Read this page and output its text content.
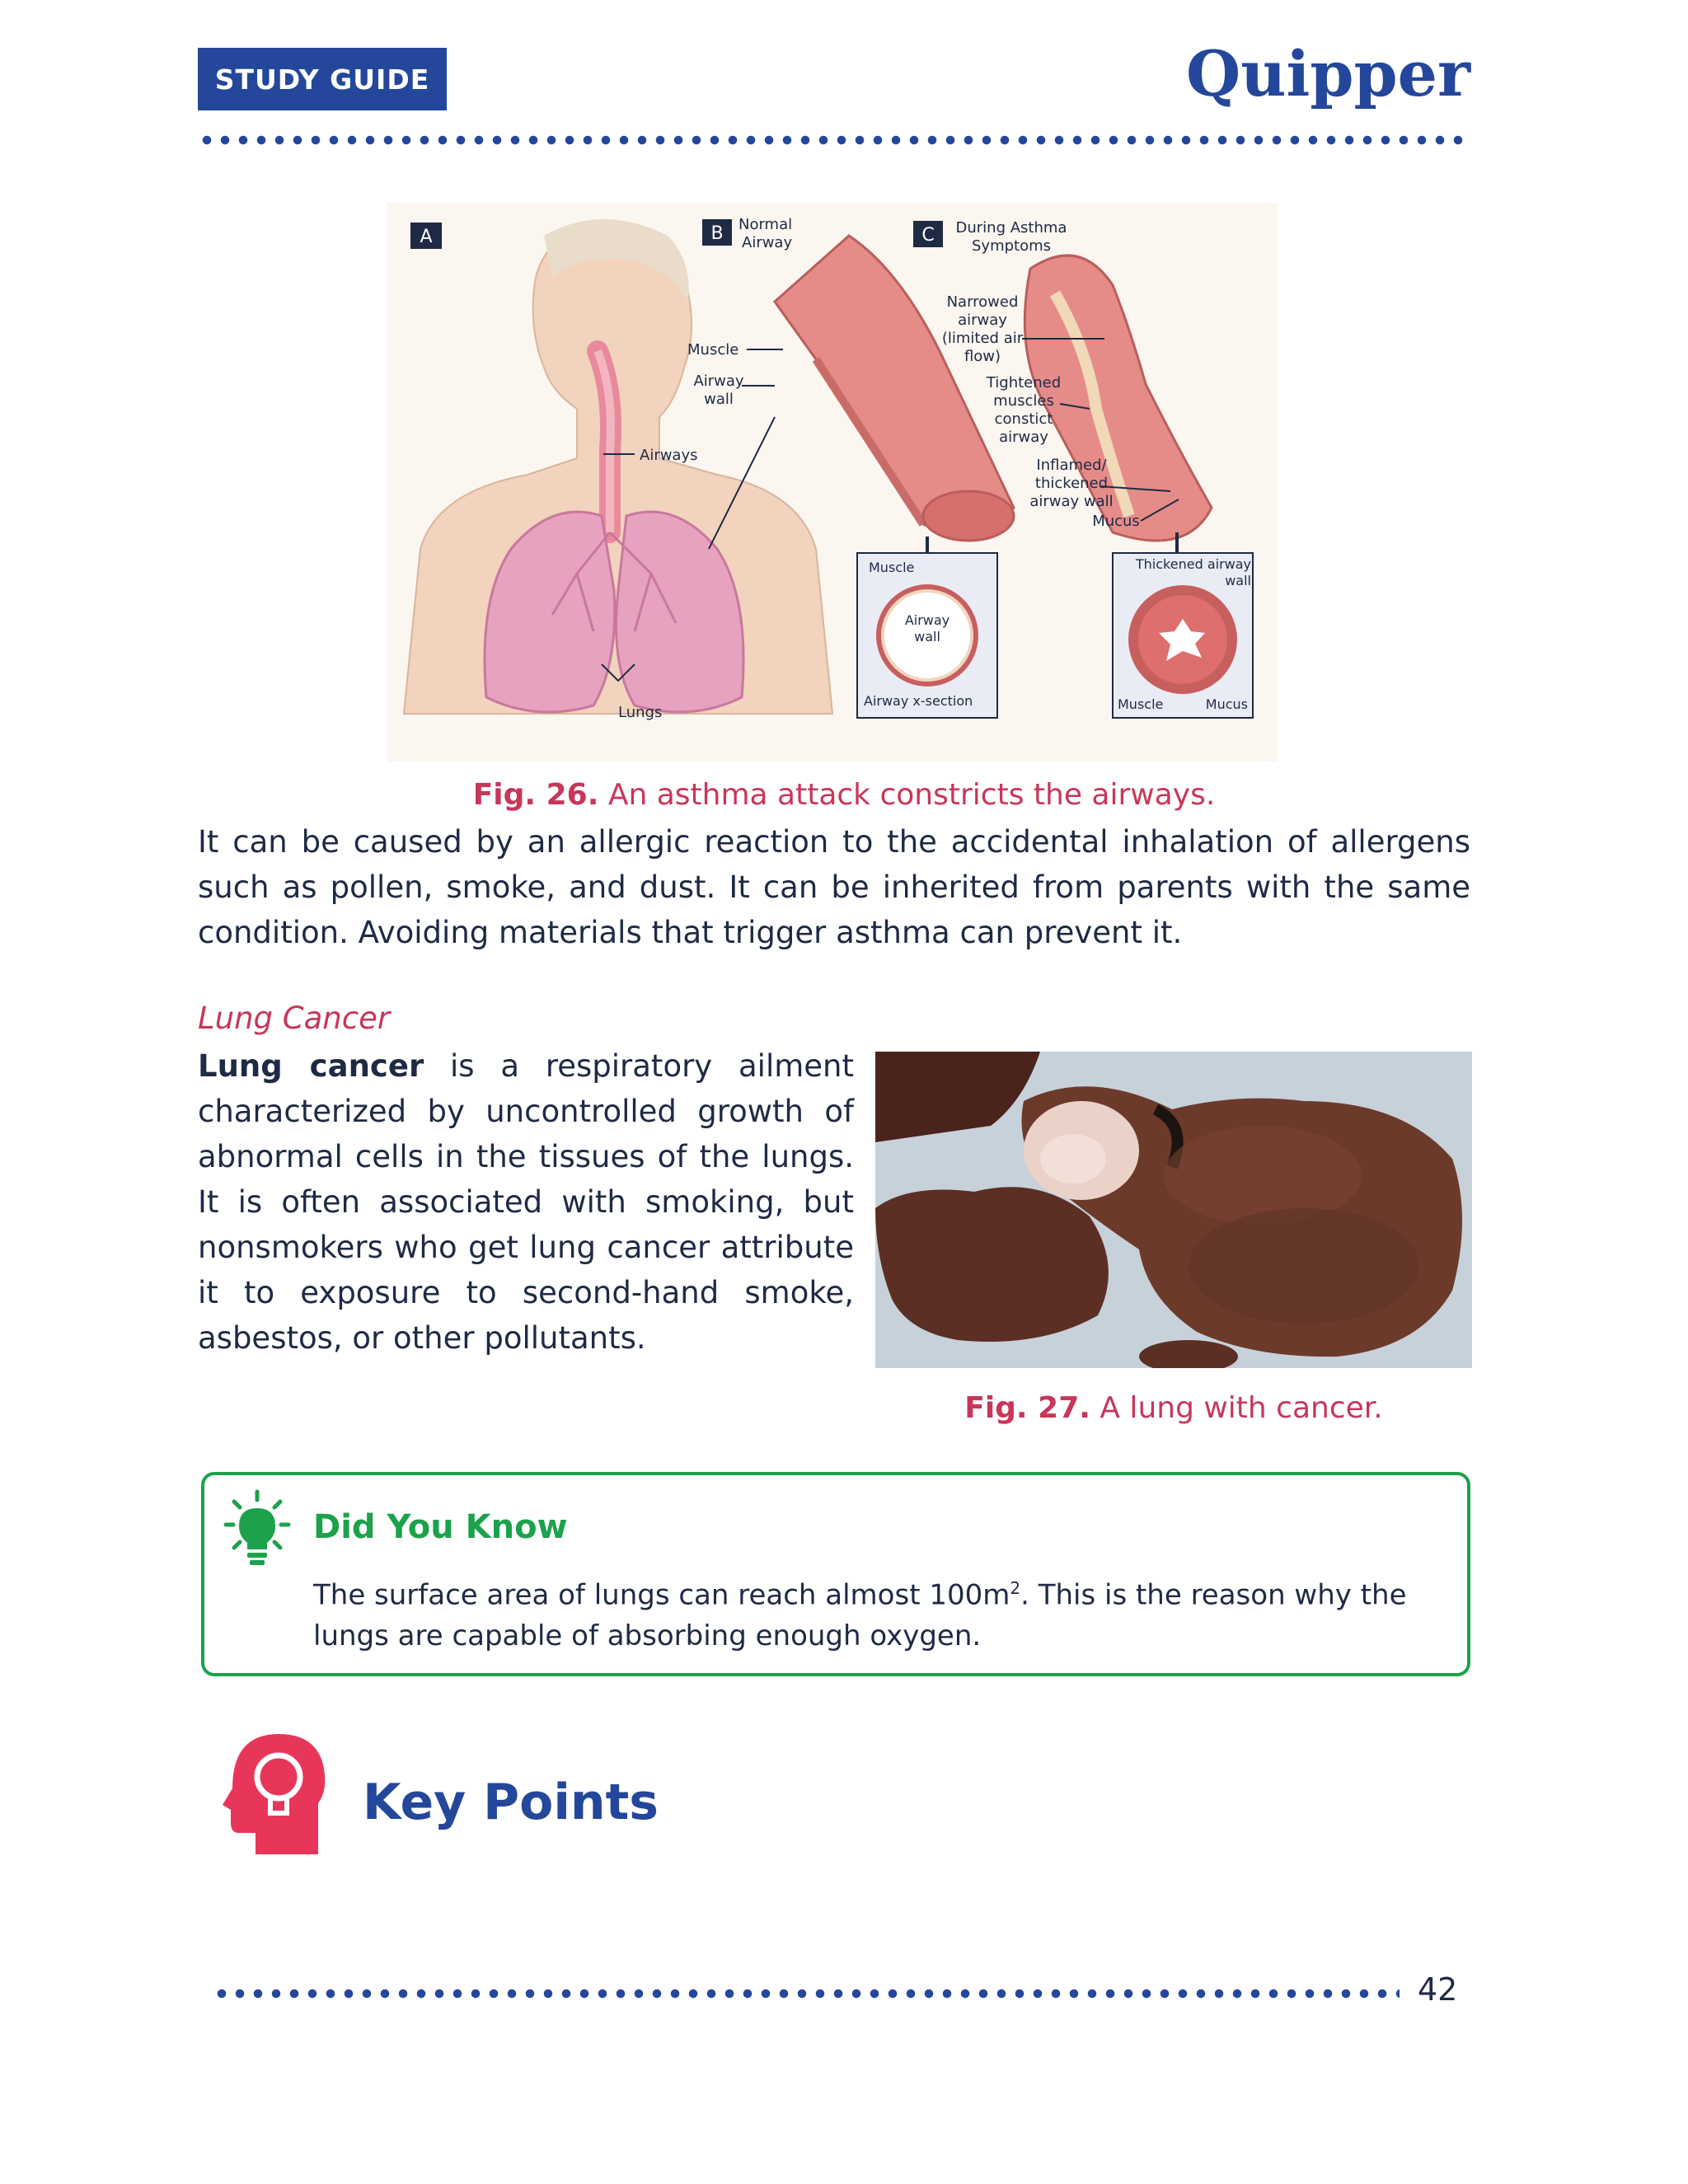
STUDY GUIDE	Quipper
A	B Normal
Airway	C During Asthma
Symptoms
Muscle
Airway
wall
Airways
Lungs
Narrowed
airway
(limited air
flow)
Tightened
muscles
constict
airway
Inflamed/
thickened
airway wall
Mucus
Muscle
Airway
wall
Airway x-section
Thickened airway
wall
Muscle	Mucus
Fig. 26. An asthma attack constricts the airways.
It can be caused by an allergic reaction to the accidental inhalation of allergens such as pollen, smoke, and dust. It can be inherited from parents with the same condition. Avoiding materials that trigger asthma can prevent it.
Lung Cancer
Lung cancer is a respiratory ailment characterized by uncontrolled growth of abnormal cells in the tissues of the lungs. It is often associated with smoking, but nonsmokers who get lung cancer attribute it to exposure to second-hand smoke, asbestos, or other pollutants.
Fig. 27. A lung with cancer.
Did You Know
The surface area of lungs can reach almost $100m^2$. This is the reason why the lungs are capable of absorbing enough oxygen.
Key Points
42
